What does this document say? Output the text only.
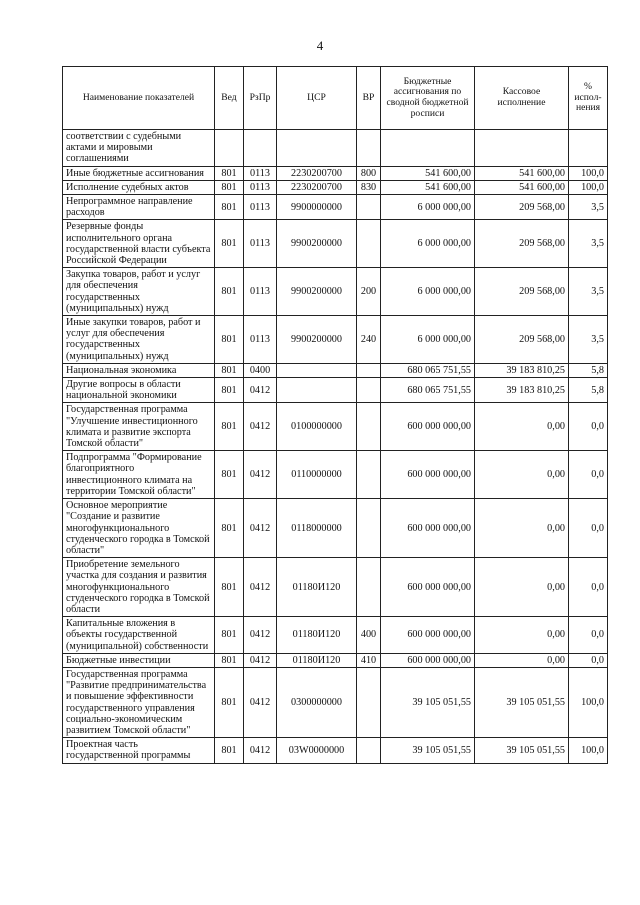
4
Наименование показателей	Вед	РзПр	ЦСР	ВР	Бюджетные ассигнования по сводной бюджетной росписи	Кассовое исполнение	% испол-нения
соответствии с судебными актами и мировыми соглашениями							
Иные бюджетные ассигнования	801	0113	2230200700	800	541 600,00	541 600,00	100,0
Исполнение судебных актов	801	0113	2230200700	830	541 600,00	541 600,00	100,0
Непрограммное направление расходов	801	0113	9900000000		6 000 000,00	209 568,00	3,5
Резервные фонды исполнительного органа государственной власти субъекта Российской Федерации	801	0113	9900200000		6 000 000,00	209 568,00	3,5
Закупка товаров, работ и услуг для обеспечения государственных (муниципальных) нужд	801	0113	9900200000	200	6 000 000,00	209 568,00	3,5
Иные закупки товаров, работ и услуг для обеспечения государственных (муниципальных) нужд	801	0113	9900200000	240	6 000 000,00	209 568,00	3,5
Национальная экономика	801	0400			680 065 751,55	39 183 810,25	5,8
Другие вопросы в области национальной экономики	801	0412			680 065 751,55	39 183 810,25	5,8
Государственная программа "Улучшение инвестиционного климата и развитие экспорта Томской области"	801	0412	0100000000		600 000 000,00	0,00	0,0
Подпрограмма "Формирование благоприятного инвестиционного климата на территории Томской области"	801	0412	0110000000		600 000 000,00	0,00	0,0
Основное мероприятие "Создание и развитие многофункционального студенческого городка в Томской области"	801	0412	0118000000		600 000 000,00	0,00	0,0
Приобретение земельного участка для создания и развития многофункционального студенческого городка в Томской области	801	0412	01180И120		600 000 000,00	0,00	0,0
Капитальные вложения в объекты государственной (муниципальной) собственности	801	0412	01180И120	400	600 000 000,00	0,00	0,0
Бюджетные инвестиции	801	0412	01180И120	410	600 000 000,00	0,00	0,0
Государственная программа "Развитие предпринимательства и повышение эффективности государственного управления социально-экономическим развитием Томской области"	801	0412	0300000000		39 105 051,55	39 105 051,55	100,0
Проектная часть государственной программы	801	0412	03W0000000		39 105 051,55	39 105 051,55	100,0
